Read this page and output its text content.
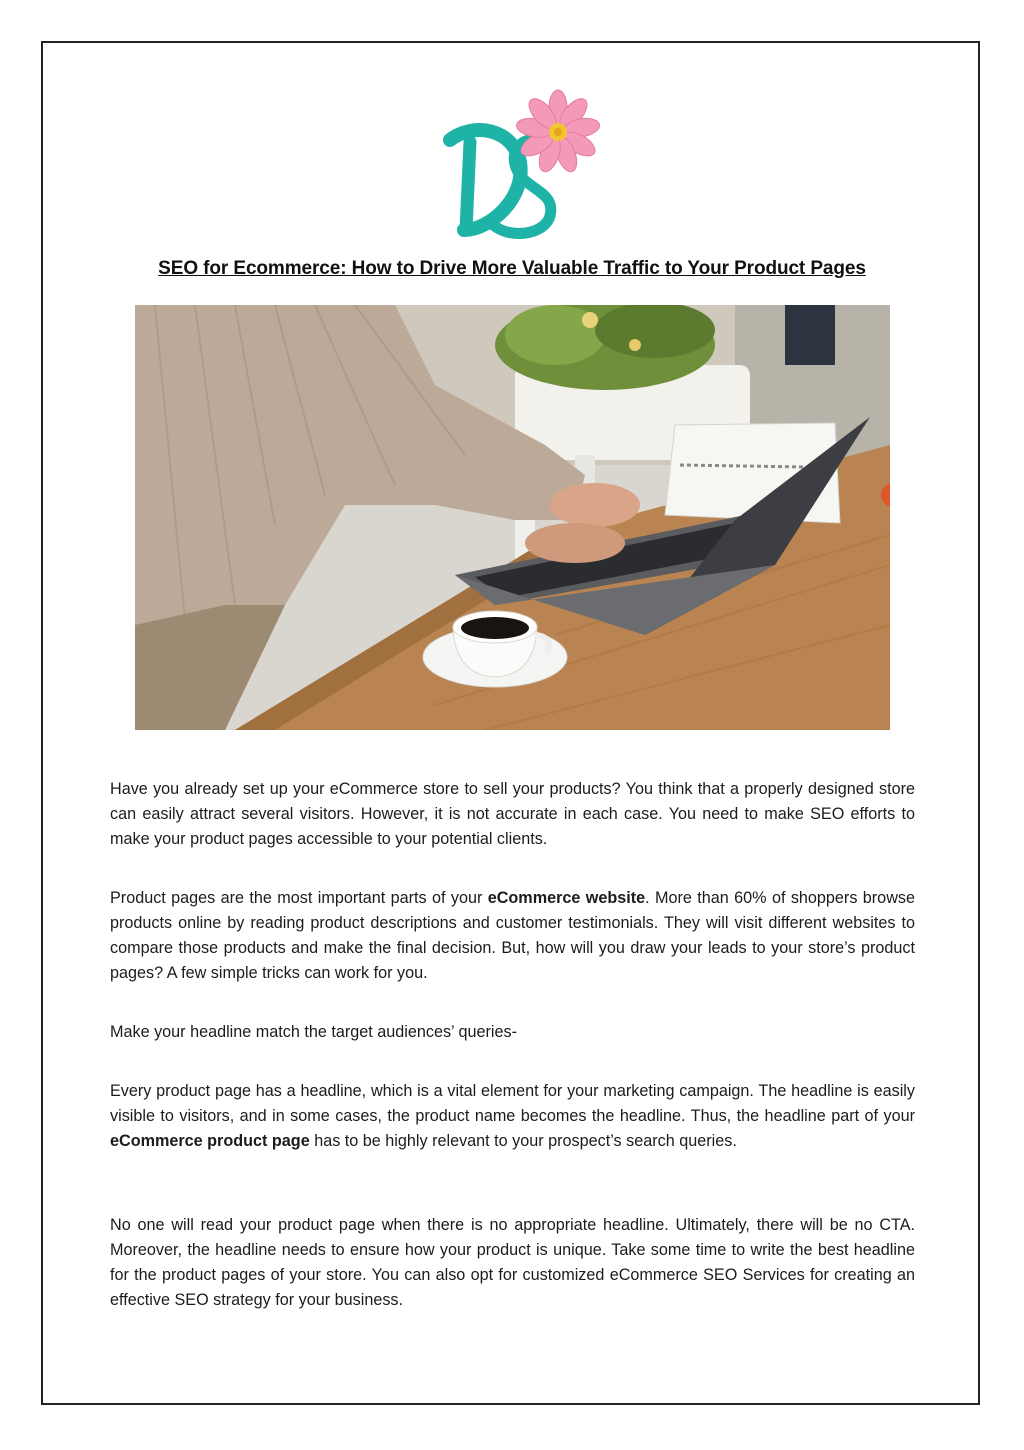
SEO for Ecommerce: How to Drive More Valuable Traffic to Your Product Pages

Have you already set up your eCommerce store to sell your products? You think that a properly designed store can easily attract several visitors. However, it is not accurate in each case. You need to make SEO efforts to make your product pages accessible to your potential clients.

Product pages are the most important parts of your eCommerce website. More than 60% of shoppers browse products online by reading product descriptions and customer testimonials. They will visit different websites to compare those products and make the final decision. But, how will you draw your leads to your store’s product pages? A few simple tricks can work for you.

Make your headline match the target audiences’ queries-

Every product page has a headline, which is a vital element for your marketing campaign. The headline is easily visible to visitors, and in some cases, the product name becomes the headline. Thus, the headline part of your eCommerce product page has to be highly relevant to your prospect’s search queries.

No one will read your product page when there is no appropriate headline. Ultimately, there will be no CTA. Moreover, the headline needs to ensure how your product is unique. Take some time to write the best headline for the product pages of your store. You can also opt for customized eCommerce SEO Services for creating an effective SEO strategy for your business.
